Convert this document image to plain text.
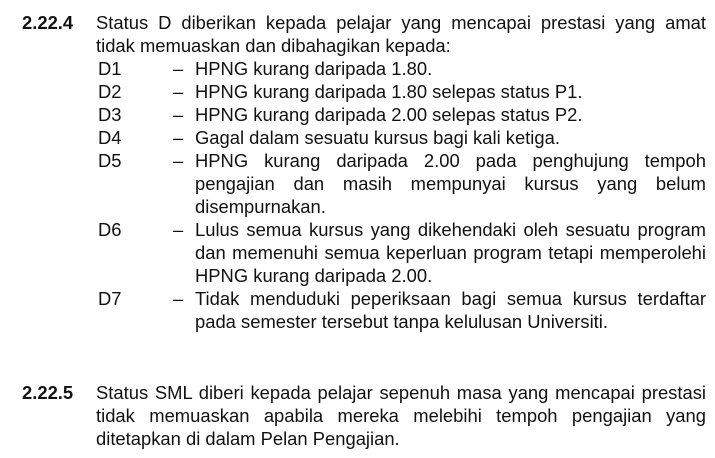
2.22.4 Status D diberikan kepada pelajar yang mencapai prestasi yang amat tidak memuaskan dan dibahagikan kepada:
D1	– HPNG kurang daripada 1.80.
D2	– HPNG kurang daripada 1.80 selepas status P1.
D3	– HPNG kurang daripada 2.00 selepas status P2.
D4	– Gagal dalam sesuatu kursus bagi kali ketiga.
D5	– HPNG kurang daripada 2.00 pada penghujung tempoh pengajian dan masih mempunyai kursus yang belum disempurnakan.
D6	– Lulus semua kursus yang dikehendaki oleh sesuatu program dan memenuhi semua keperluan program tetapi memperolehi HPNG kurang daripada 2.00.
D7	– Tidak menduduki peperiksaan bagi semua kursus terdaftar pada semester tersebut tanpa kelulusan Universiti.
2.22.5 Status SML diberi kepada pelajar sepenuh masa yang mencapai prestasi tidak memuaskan apabila mereka melebihi tempoh pengajian yang ditetapkan di dalam Pelan Pengajian.
